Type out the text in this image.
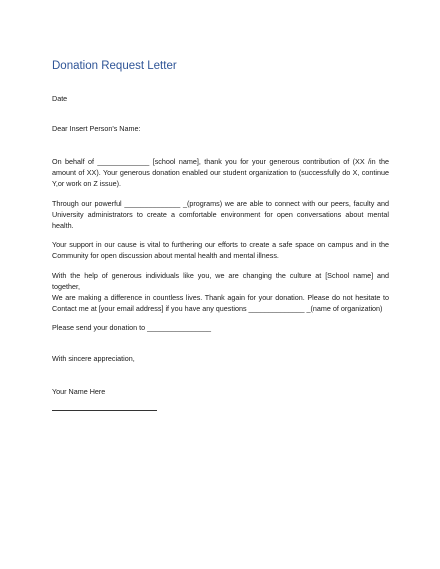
Donation Request Letter
Date
Dear Insert Person's Name:
On behalf of _____________ [school name], thank you for your generous contribution of (XX /in the
amount of XX). Your generous donation enabled our student organization to (successfully do X, continue
Y,or work on Z issue).
Through our powerful ______________ _(programs) we are able to connect with our peers, faculty and
University administrators to create a comfortable environment for open conversations about mental
health.
Your support in our cause is vital to furthering our efforts to create a safe space on campus and in the
Community for open discussion about mental health and mental illness.
With the help of generous individuals like you, we are changing the culture at [School name] and
together,
We are making a difference in countless lives. Thank again for your donation. Please do not hesitate to
Contact me at [your email address] if you have any questions ______________ _(name of organization)
Please send your donation to ________________
With sincere appreciation,
Your Name Here
